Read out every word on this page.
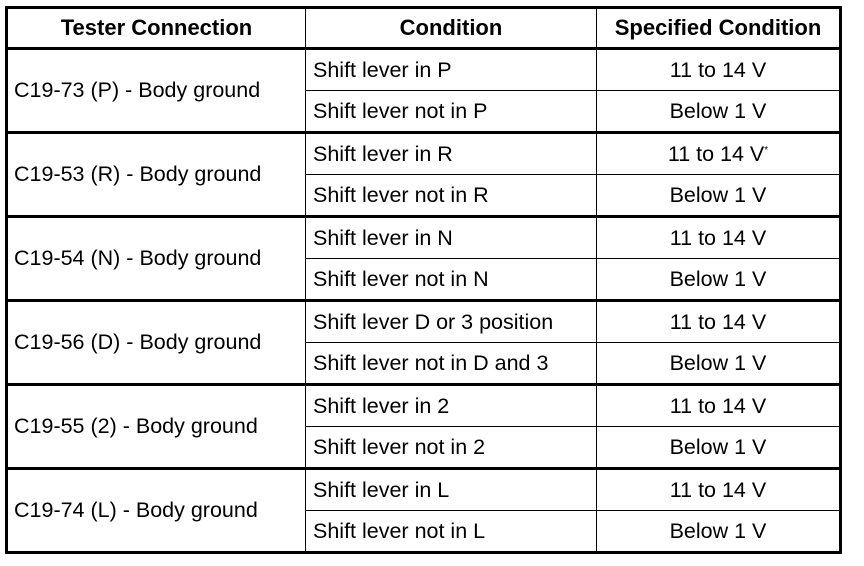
Tester Connection	Condition	Specified Condition
C19-73 (P) - Body ground	Shift lever in P	11 to 14 V
	Shift lever not in P	Below 1 V
C19-53 (R) - Body ground	Shift lever in R	11 to 14 V*
	Shift lever not in R	Below 1 V
C19-54 (N) - Body ground	Shift lever in N	11 to 14 V
	Shift lever not in N	Below 1 V
C19-56 (D) - Body ground	Shift lever D or 3 position	11 to 14 V
	Shift lever not in D and 3	Below 1 V
C19-55 (2) - Body ground	Shift lever in 2	11 to 14 V
	Shift lever not in 2	Below 1 V
C19-74 (L) - Body ground	Shift lever in L	11 to 14 V
	Shift lever not in L	Below 1 V
